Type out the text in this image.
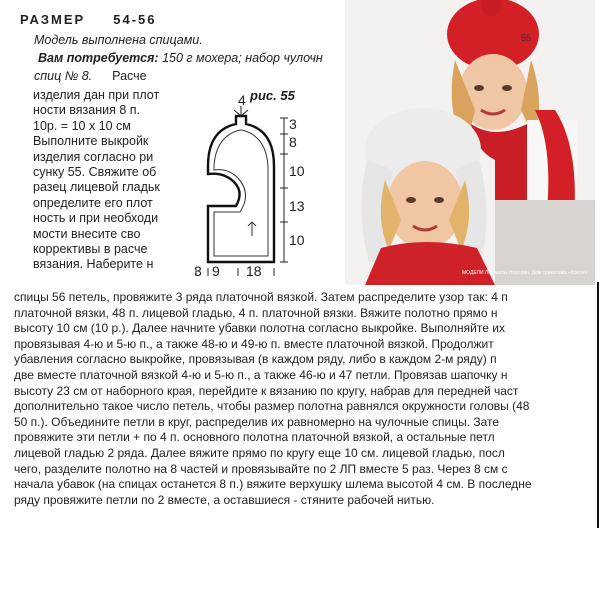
РАЗМЕР 54-56
Модель выполнена спицами.
Вам потребуется: 150 г мохера; набор чулочн
спиц № 8. Расче
изделия дан при плот
ности вязания 8 п.
10р. = 10 х 10 см
Выполните выкройк
изделия согласно ри
сунку 55. Свяжите об
разец лицевой гладьк
определите его плот
ность и при необходи
мости внесите сво
коррективы в расче
вязания. Наберите н
рис. 55
4
3
8
10
13
10
3 9 18
55
МОДЕЛИ Людмилы Норсоян, Дом трикотажа «Кокон»
спицы 56 петель, провяжите 3 ряда платочной вязкой. Затем распределите узор так: 4 п
платочной вязки, 48 п. лицевой гладью, 4 п. платочной вязки. Вяжите полотно прямо н
высоту 10 см (10 р.). Далее начните убавки полотна согласно выкройке. Выполняйте их
провязывая 4-ю и 5-ю п., а также 48-ю и 49-ю п. вместе платочной вязкой. Продолжит
убавления согласно выкройке, провязывая (в каждом ряду, либо в каждом 2-м ряду) п
две вместе платочной вязкой 4-ю и 5-ю п., а также 46-ю и 47 петли. Провязав шапочку н
высоту 23 см от наборного края, перейдите к вязанию по кругу, набрав для передней част
дополнительно такое число петель, чтобы размер полотна равнялся окружности головы (48
50 п.). Объедините петли в круг, распределив их равномерно на чулочные спицы. Зате
провяжите эти петли + по 4 п. основного полотна платочной вязкой, а остальные петл
лицевой гладью 2 ряда. Далее вяжите прямо по кругу еще 10 см. лицевой гладью, посл
чего, разделите полотно на 8 частей и провязывайте по 2 ЛП вместе 5 раз. Через 8 см с
начала убавок (на спицах останется 8 п.) вяжите верхушку шлема высотой 4 см. В последне
ряду провяжите петли по 2 вместе, а оставшиеся - стяните рабочей нитью.
